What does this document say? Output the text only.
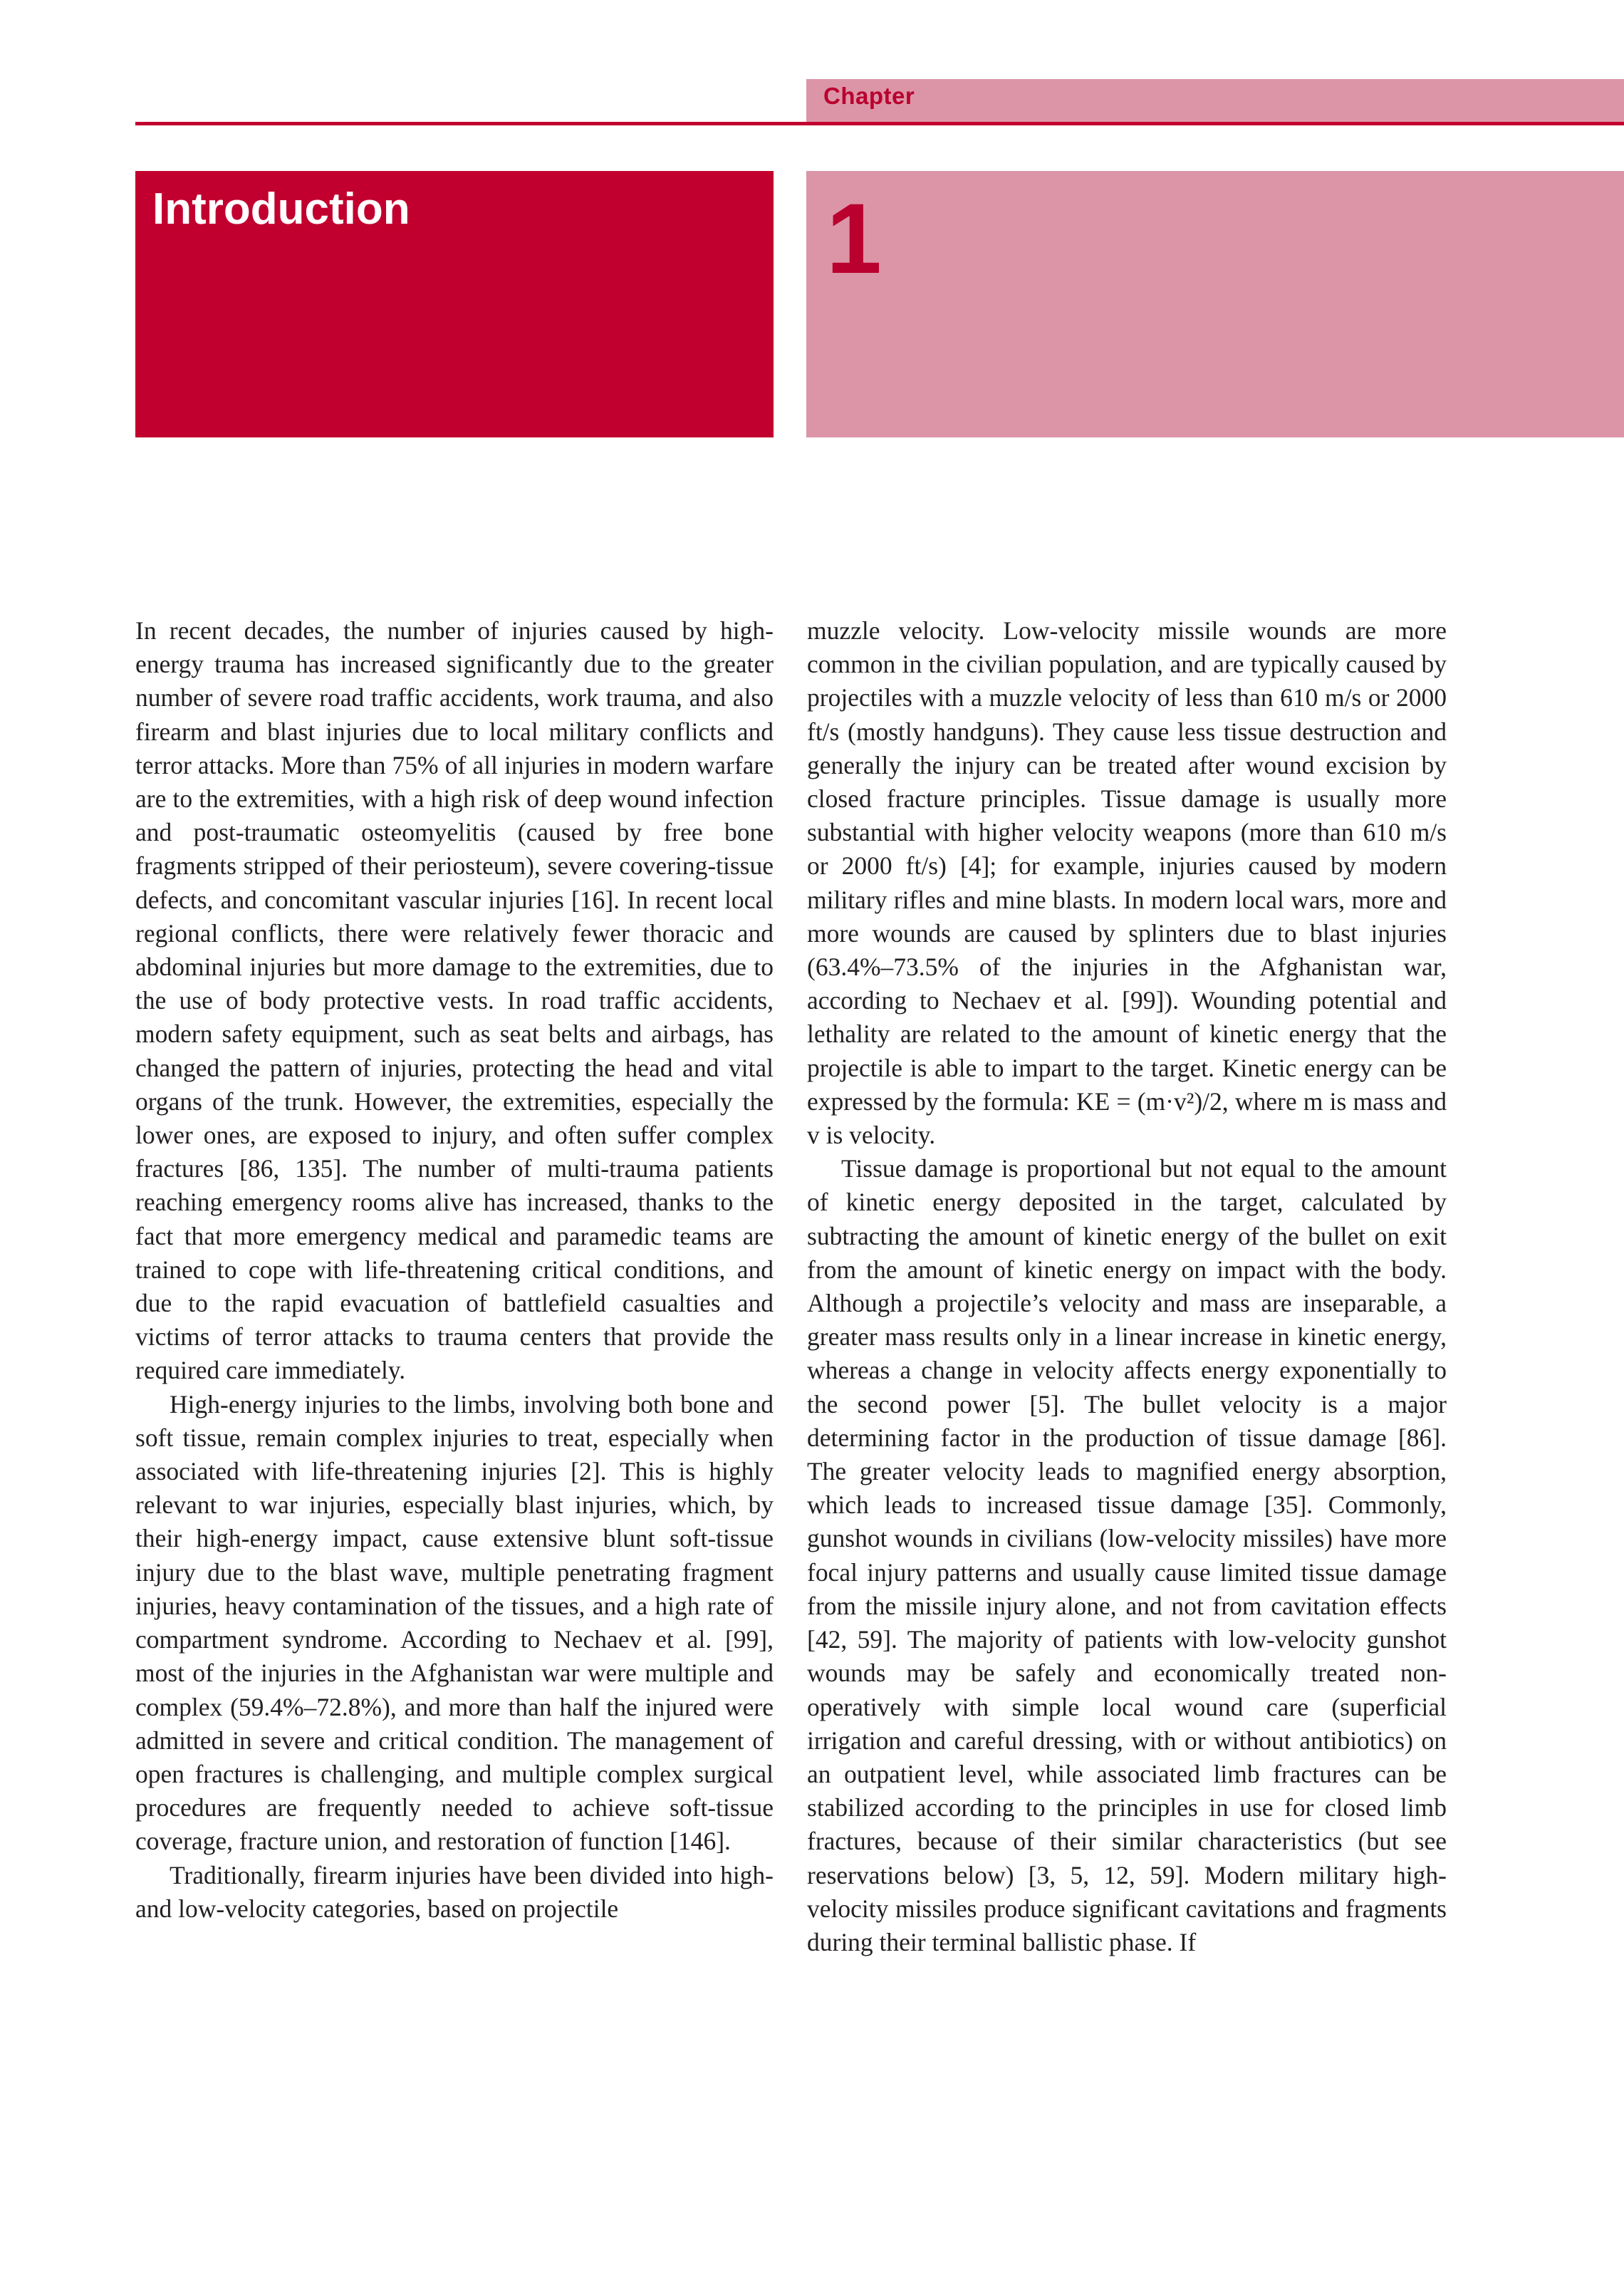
Chapter
Introduction	1

In recent decades, the number of injuries caused by high-energy trauma has increased significantly due to the greater number of severe road traffic accidents, work trauma, and also firearm and blast injuries due to local military conflicts and terror attacks. More than 75% of all injuries in modern warfare are to the extremities, with a high risk of deep wound infection and post-traumatic osteomyelitis (caused by free bone fragments stripped of their periosteum), severe covering-tissue defects, and concomitant vascular injuries [16]. In recent local regional conflicts, there were relatively fewer thoracic and abdominal injuries but more damage to the extremities, due to the use of body protective vests. In road traffic accidents, modern safety equipment, such as seat belts and airbags, has changed the pattern of injuries, protecting the head and vital organs of the trunk. However, the extremities, especially the lower ones, are exposed to injury, and often suffer complex fractures [86, 135]. The number of multi-trauma patients reaching emergency rooms alive has increased, thanks to the fact that more emergency medical and paramedic teams are trained to cope with life-threatening critical conditions, and due to the rapid evacuation of battlefield casualties and victims of terror attacks to trauma centers that provide the required care immediately.

High-energy injuries to the limbs, involving both bone and soft tissue, remain complex injuries to treat, especially when associated with life-threatening injuries [2]. This is highly relevant to war injuries, especially blast injuries, which, by their high-energy impact, cause extensive blunt soft-tissue injury due to the blast wave, multiple penetrating fragment injuries, heavy contamination of the tissues, and a high rate of compartment syndrome. According to Nechaev et al. [99], most of the injuries in the Afghanistan war were multiple and complex (59.4%–72.8%), and more than half the injured were admitted in severe and critical condition. The management of open fractures is challenging, and multiple complex surgical procedures are frequently needed to achieve soft-tissue coverage, fracture union, and restoration of function [146].

Traditionally, firearm injuries have been divided into high- and low-velocity categories, based on projectile

muzzle velocity. Low-velocity missile wounds are more common in the civilian population, and are typically caused by projectiles with a muzzle velocity of less than 610 m/s or 2000 ft/s (mostly handguns). They cause less tissue destruction and generally the injury can be treated after wound excision by closed fracture principles. Tissue damage is usually more substantial with higher velocity weapons (more than 610 m/s or 2000 ft/s) [4]; for example, injuries caused by modern military rifles and mine blasts. In modern local wars, more and more wounds are caused by splinters due to blast injuries (63.4%–73.5% of the injuries in the Afghanistan war, according to Nechaev et al. [99]). Wounding potential and lethality are related to the amount of kinetic energy that the projectile is able to impart to the target. Kinetic energy can be expressed by the formula: KE = (m·v²)/2, where m is mass and v is velocity.

Tissue damage is proportional but not equal to the amount of kinetic energy deposited in the target, calculated by subtracting the amount of kinetic energy of the bullet on exit from the amount of kinetic energy on impact with the body. Although a projectile’s velocity and mass are inseparable, a greater mass results only in a linear increase in kinetic energy, whereas a change in velocity affects energy exponentially to the second power [5]. The bullet velocity is a major determining factor in the production of tissue damage [86]. The greater velocity leads to magnified energy absorption, which leads to increased tissue damage [35]. Commonly, gunshot wounds in civilians (low-velocity missiles) have more focal injury patterns and usually cause limited tissue damage from the missile injury alone, and not from cavitation effects [42, 59]. The majority of patients with low-velocity gunshot wounds may be safely and economically treated non-operatively with simple local wound care (superficial irrigation and careful dressing, with or without antibiotics) on an outpatient level, while associated limb fractures can be stabilized according to the principles in use for closed limb fractures, because of their similar characteristics (but see reservations below) [3, 5, 12, 59]. Modern military high-velocity missiles produce significant cavitations and fragments during their terminal ballistic phase. If
